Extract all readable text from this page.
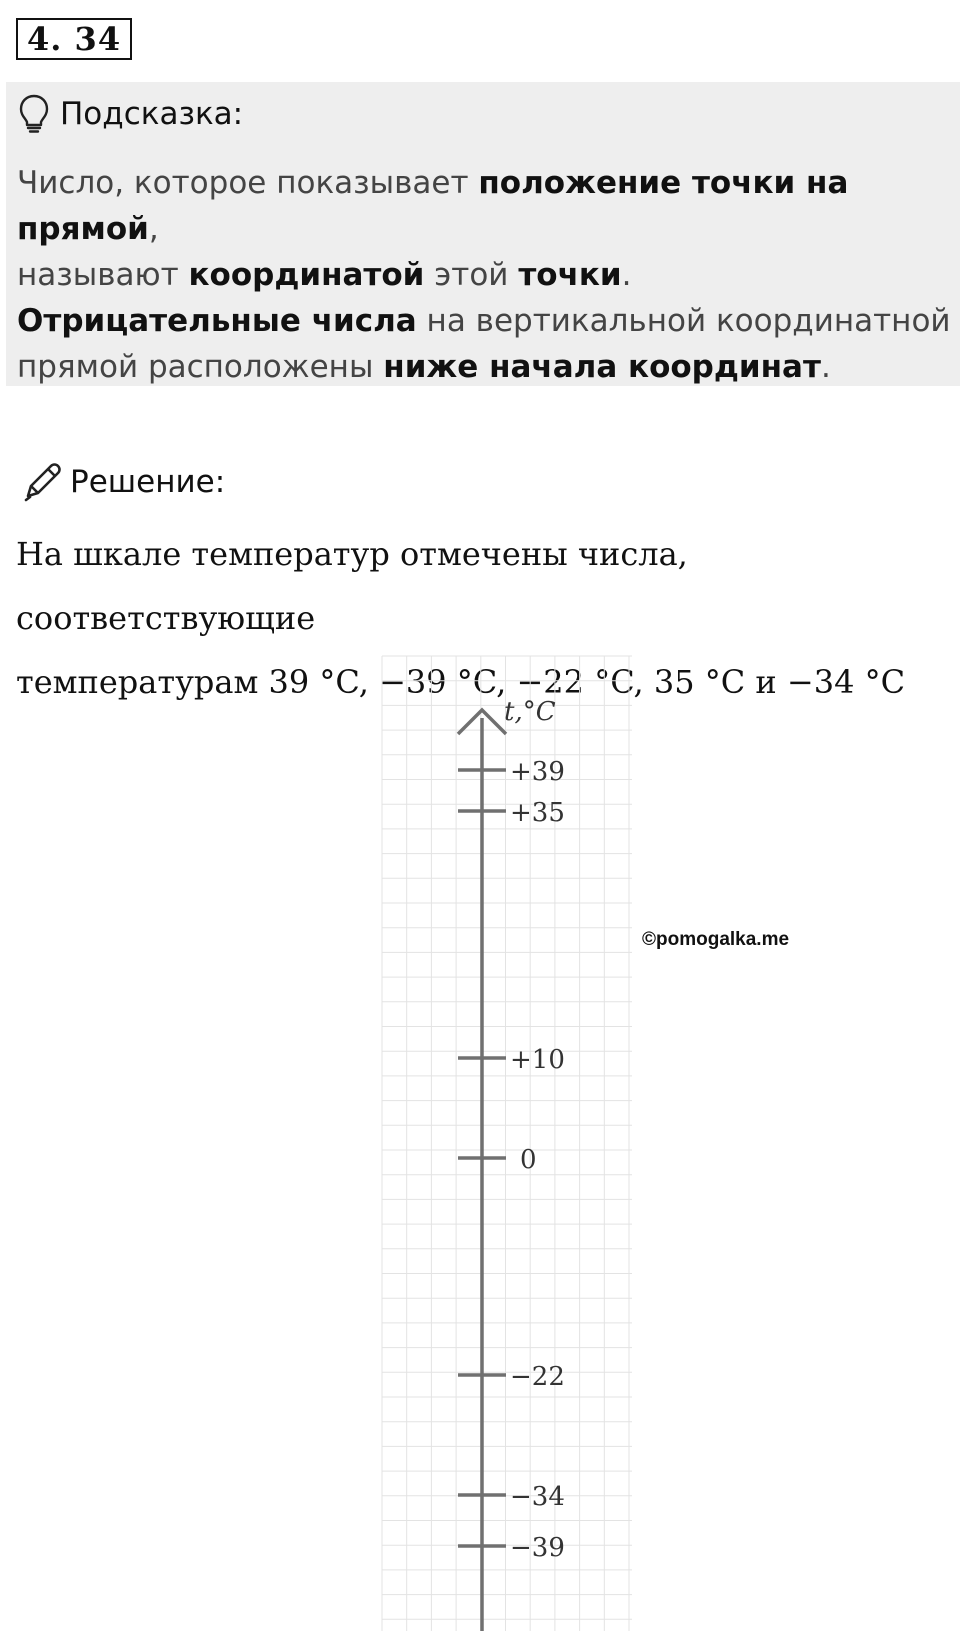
4. 34
Подсказка:
Число, которое показывает положение точки на прямой,
называют координатой этой точки.
Отрицательные числа на вертикальной координатной
прямой расположены ниже начала координат.
Решение:
На шкале температур отмечены числа, соответствующие
температурам 39 °C, −39 °C, −22 °C, 35 °C и −34 °C
t,°C
+39
+35
+10
0
−22
−34
−39
©pomogalka.me
